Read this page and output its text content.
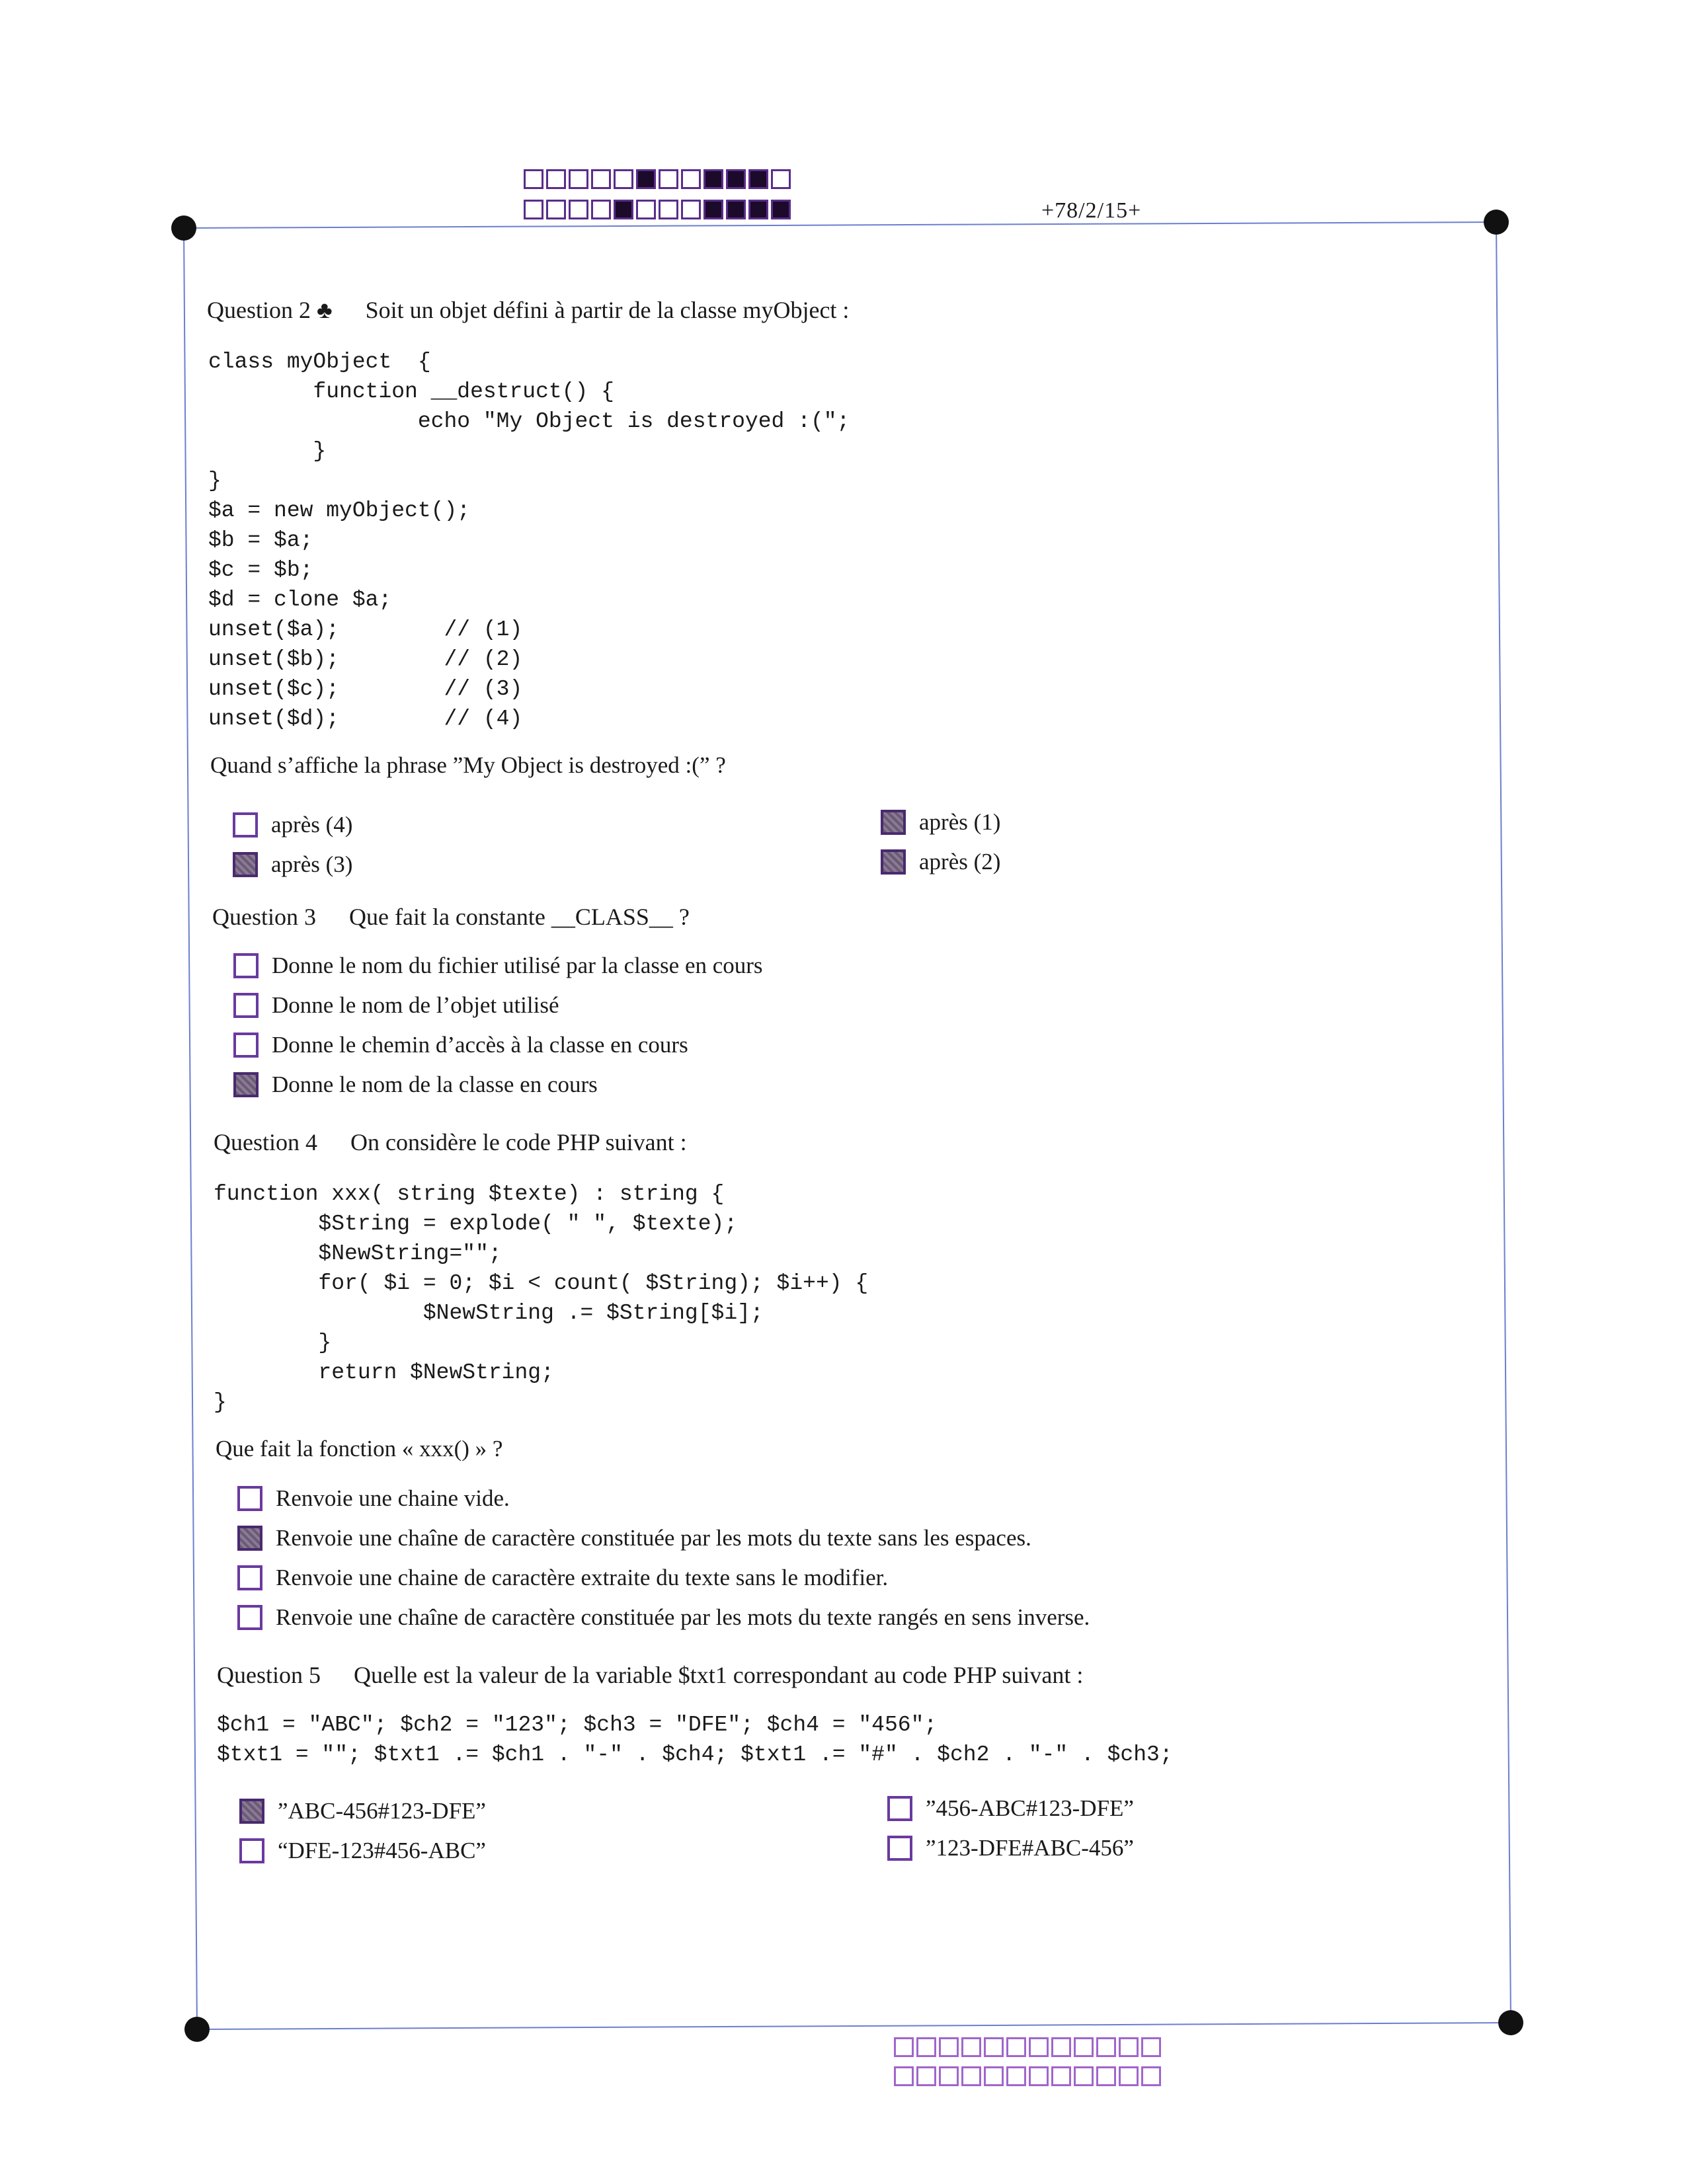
+78/2/15+
Question 2 ♣ Soit un objet défini à partir de la classe myObject :
class myObject  {
function __destruct() {
echo "My Object is destroyed :(";
}
}
$a = new myObject();
$b = $a;
$c = $b;
$d = clone $a;
unset($a);        // (1)
unset($b);        // (2)
unset($c);        // (3)
unset($d);        // (4)
Quand s’affiche la phrase ”My Object is destroyed :(” ?
après (4)
après (3)
après (1)
après (2)
Question 3 Que fait la constante __CLASS__ ?
Donne le nom du fichier utilisé par la classe en cours
Donne le nom de l’objet utilisé
Donne le chemin d’accès à la classe en cours
Donne le nom de la classe en cours
Question 4 On considère le code PHP suivant :
function xxx( string $texte) : string {
$String = explode( " ", $texte);
$NewString="";
for( $i = 0; $i < count( $String); $i++) {
$NewString .= $String[$i];
}
return $NewString;
}
Que fait la fonction « xxx() » ?
Renvoie une chaine vide.
Renvoie une chaîne de caractère constituée par les mots du texte sans les espaces.
Renvoie une chaine de caractère extraite du texte sans le modifier.
Renvoie une chaîne de caractère constituée par les mots du texte rangés en sens inverse.
Question 5 Quelle est la valeur de la variable $txt1 correspondant au code PHP suivant :
$ch1 = "ABC"; $ch2 = "123"; $ch3 = "DFE"; $ch4 = "456";
$txt1 = ""; $txt1 .= $ch1 . "-" . $ch4; $txt1 .= "#" . $ch2 . "-" . $ch3;
”ABC-456#123-DFE”
“DFE-123#456-ABC”
”456-ABC#123-DFE”
”123-DFE#ABC-456”
